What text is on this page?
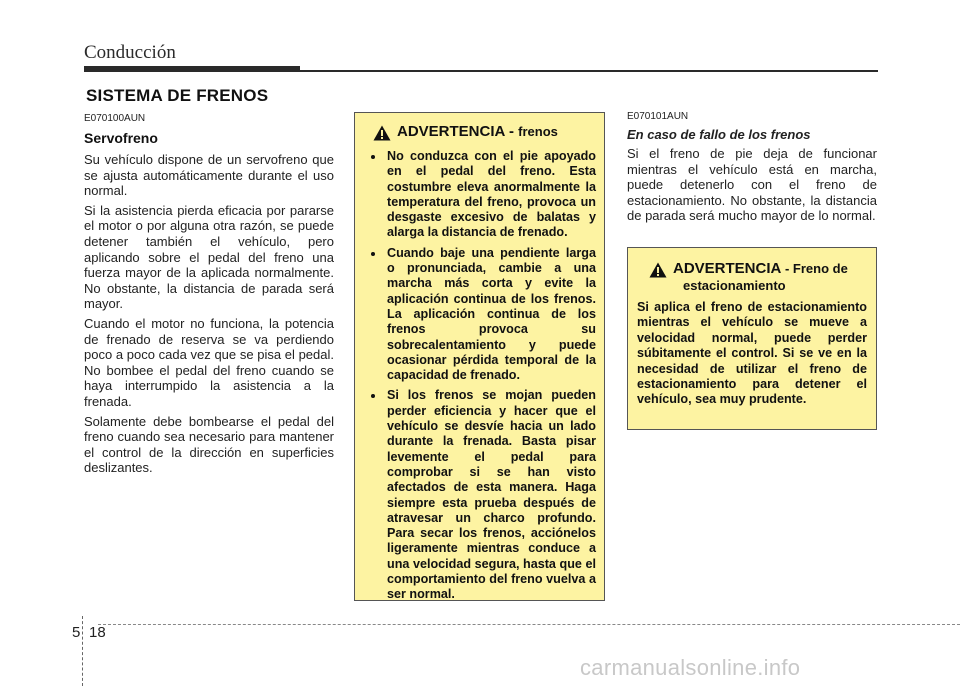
Conducción
SISTEMA DE FRENOS
E070100AUN
Servofreno

Su vehículo dispone de un servofreno que se ajusta automáticamente durante el uso normal.

Si la asistencia pierda eficacia por pararse el motor o por alguna otra razón, se puede detener también el vehículo, pero aplicando sobre el pedal del freno una fuerza mayor de la aplicada normalmente. No obstante, la distancia de parada será mayor.

Cuando el motor no funciona, la potencia de frenado de reserva se va perdiendo poco a poco cada vez que se pisa el pedal. No bombee el pedal del freno cuando se haya interrumpido la asistencia a la frenada.

Solamente debe bombearse el pedal del freno cuando sea necesario para mantener el control de la dirección en superficies deslizantes.

ADVERTENCIA - frenos
No conduzca con el pie apoyado en el pedal del freno. Esta costumbre eleva anormalmente la temperatura del freno, provoca un desgaste excesivo de balatas y alarga la distancia de frenado.
Cuando baje una pendiente larga o pronunciada, cambie a una marcha más corta y evite la aplicación continua de los frenos. La aplicación continua de los frenos provoca su sobrecalentamiento y puede ocasionar pérdida temporal de la capacidad de frenado.
Si los frenos se mojan pueden perder eficiencia y hacer que el vehículo se desvíe hacia un lado durante la frenada. Basta pisar levemente el pedal para comprobar si se han visto afectados de esta manera. Haga siempre esta prueba después de atravesar un charco profundo. Para secar los frenos, acciónelos ligeramente mientras conduce a una velocidad segura, hasta que el comportamiento del freno vuelva a ser normal.
E070101AUN
En caso de fallo de los frenos
Si el freno de pie deja de funcionar mientras el vehículo está en marcha, puede detenerlo con el freno de estacionamiento. No obstante, la distancia de parada será mucho mayor de lo normal.
ADVERTENCIA - Freno de
estacionamiento

Si aplica el freno de estacionamiento mientras el vehículo se mueve a velocidad normal, puede perder súbitamente el control. Si se ve en la necesidad de utilizar el freno de estacionamiento para detener el vehículo, sea muy prudente.

5 18
carmanualsonline.info
